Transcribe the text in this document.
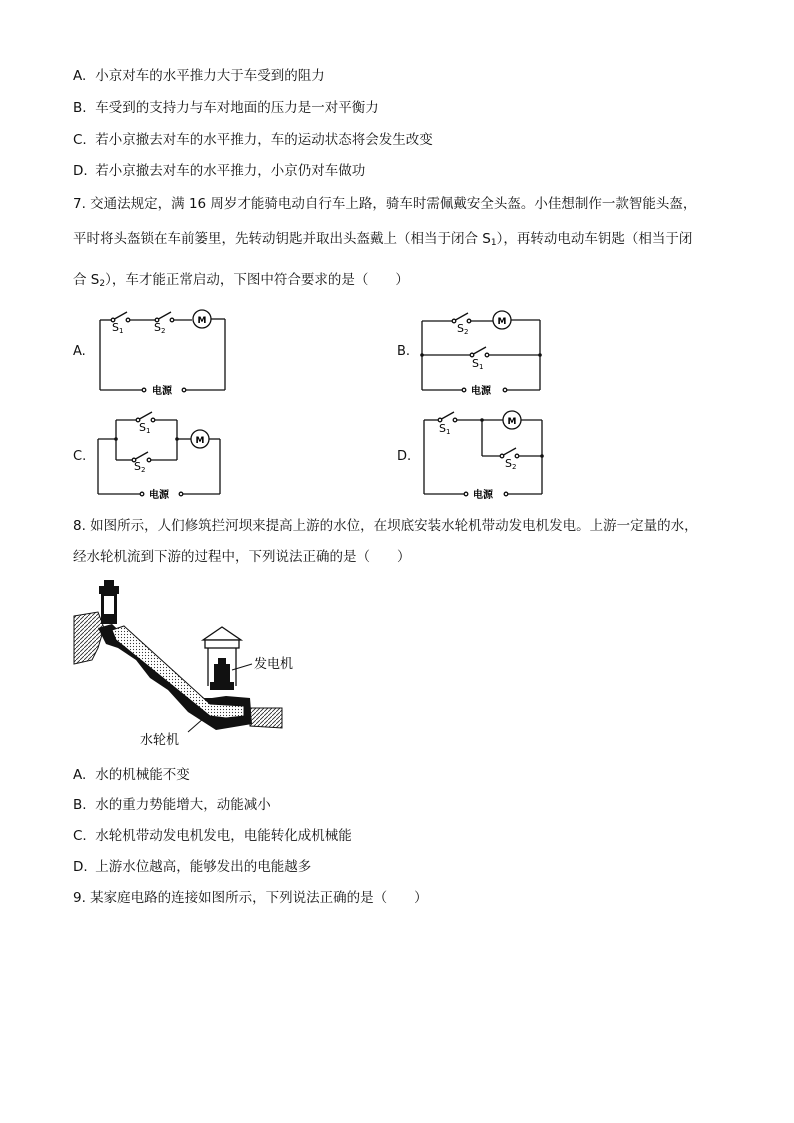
A. 小京对车的水平推力大于车受到的阻力
B. 车受到的支持力与车对地面的压力是一对平衡力
C. 若小京撤去对车的水平推力，车的运动状态将会发生改变
D. 若小京撤去对车的水平推力，小京仍对车做功
7. 交通法规定，满 16 周岁才能骑电动自行车上路，骑车时需佩戴安全头盔。小佳想制作一款智能头盔，
平时将头盔锁在车前篓里，先转动钥匙并取出头盔戴上（相当于闭合 $S_1$），再转动电动车钥匙（相当于闭
合 $S_2$），车才能正常启动，下图中符合要求的是（　　）
A.
S1	S2
M
电源
B.
S2
S1
M
电源
C.
S1
S2
M
电源
D.
S1
S2
M
电源
8. 如图所示，人们修筑拦河坝来提高上游的水位，在坝底安装水轮机带动发电机发电。上游一定量的水，
经水轮机流到下游的过程中，下列说法正确的是（　　）
发电机
水轮机
A. 水的机械能不变
B. 水的重力势能增大，动能减小
C. 水轮机带动发电机发电，电能转化成机械能
D. 上游水位越高，能够发出的电能越多
9. 某家庭电路的连接如图所示，下列说法正确的是（　　）
